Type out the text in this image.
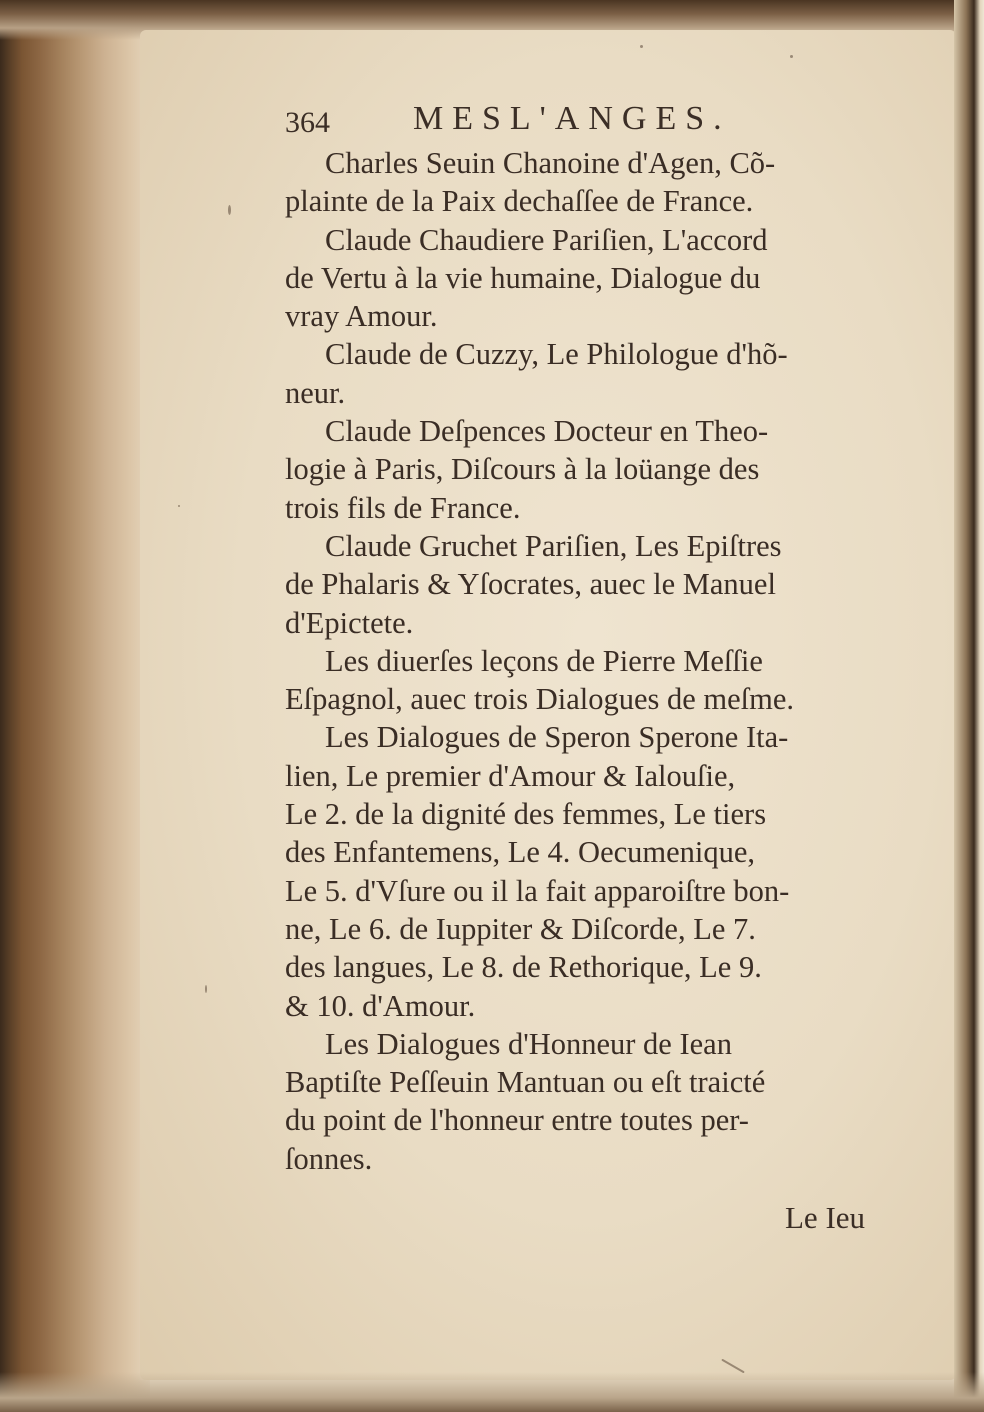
364 MESL'ANGES.
Charles Seuin Chanoine d'Agen, Cõ-
plainte de la Paix dechaſſee de France.
Claude Chaudiere Pariſien, L'accord
de Vertu à la vie humaine, Dialogue du
vray Amour.
Claude de Cuzzy, Le Philologue d'hõ-
neur.
Claude Deſpences Docteur en Theo-
logie à Paris, Diſcours à la loüange des
trois fils de France.
Claude Gruchet Pariſien, Les Epiſtres
de Phalaris & Yſocrates, auec le Manuel
d'Epictete.
Les diuerſes leçons de Pierre Meſſie
Eſpagnol, auec trois Dialogues de meſme.
Les Dialogues de Speron Sperone Ita-
lien, Le premier d'Amour & Ialouſie,
Le 2. de la dignité des femmes, Le tiers
des Enfantemens, Le 4. Oecumenique,
Le 5. d'Vſure ou il la fait apparoiſtre bon-
ne, Le 6. de Iuppiter & Diſcorde, Le 7.
des langues, Le 8. de Rethorique, Le 9.
& 10. d'Amour.
Les Dialogues d'Honneur de Iean
Baptiſte Peſſeuin Mantuan ou eſt traicté
du point de l'honneur entre toutes per-
ſonnes.
Le Ieu
